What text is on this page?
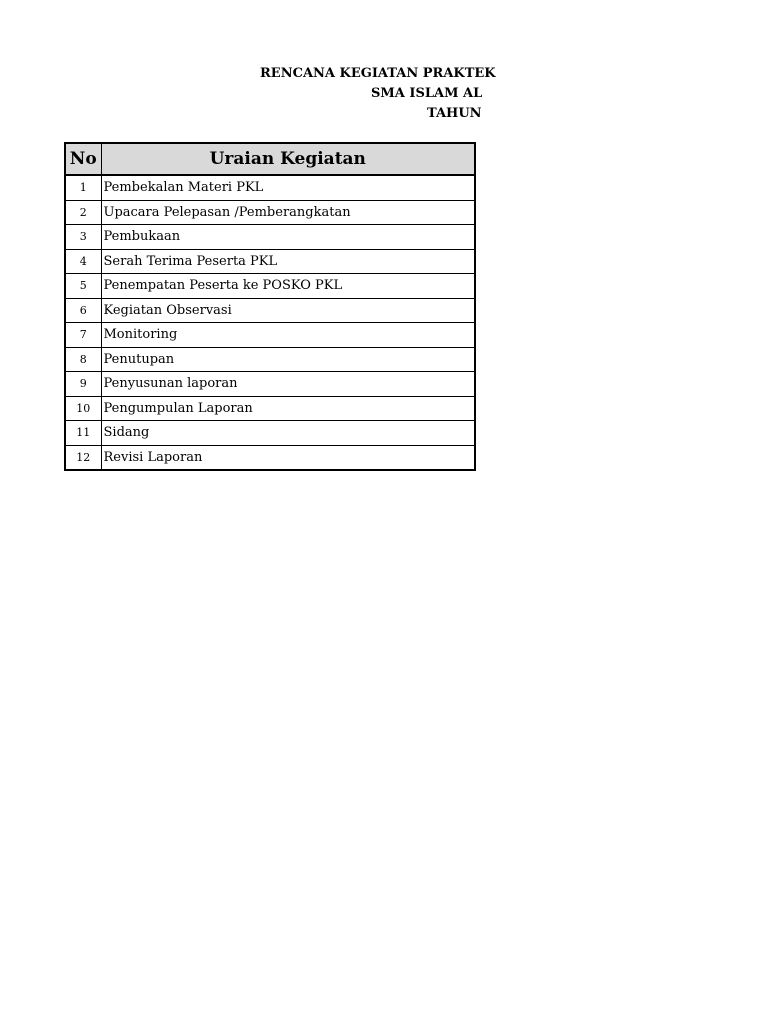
RENCANA KEGIATAN PRAKTEK
SMA ISLAM AL
TAHUN
No	Uraian Kegiatan
1	Pembekalan Materi PKL
2	Upacara Pelepasan /Pemberangkatan
3	Pembukaan
4	Serah Terima Peserta PKL
5	Penempatan Peserta ke POSKO PKL
6	Kegiatan Observasi
7	Monitoring
8	Penutupan
9	Penyusunan laporan
10	Pengumpulan Laporan
11	Sidang
12	Revisi Laporan
